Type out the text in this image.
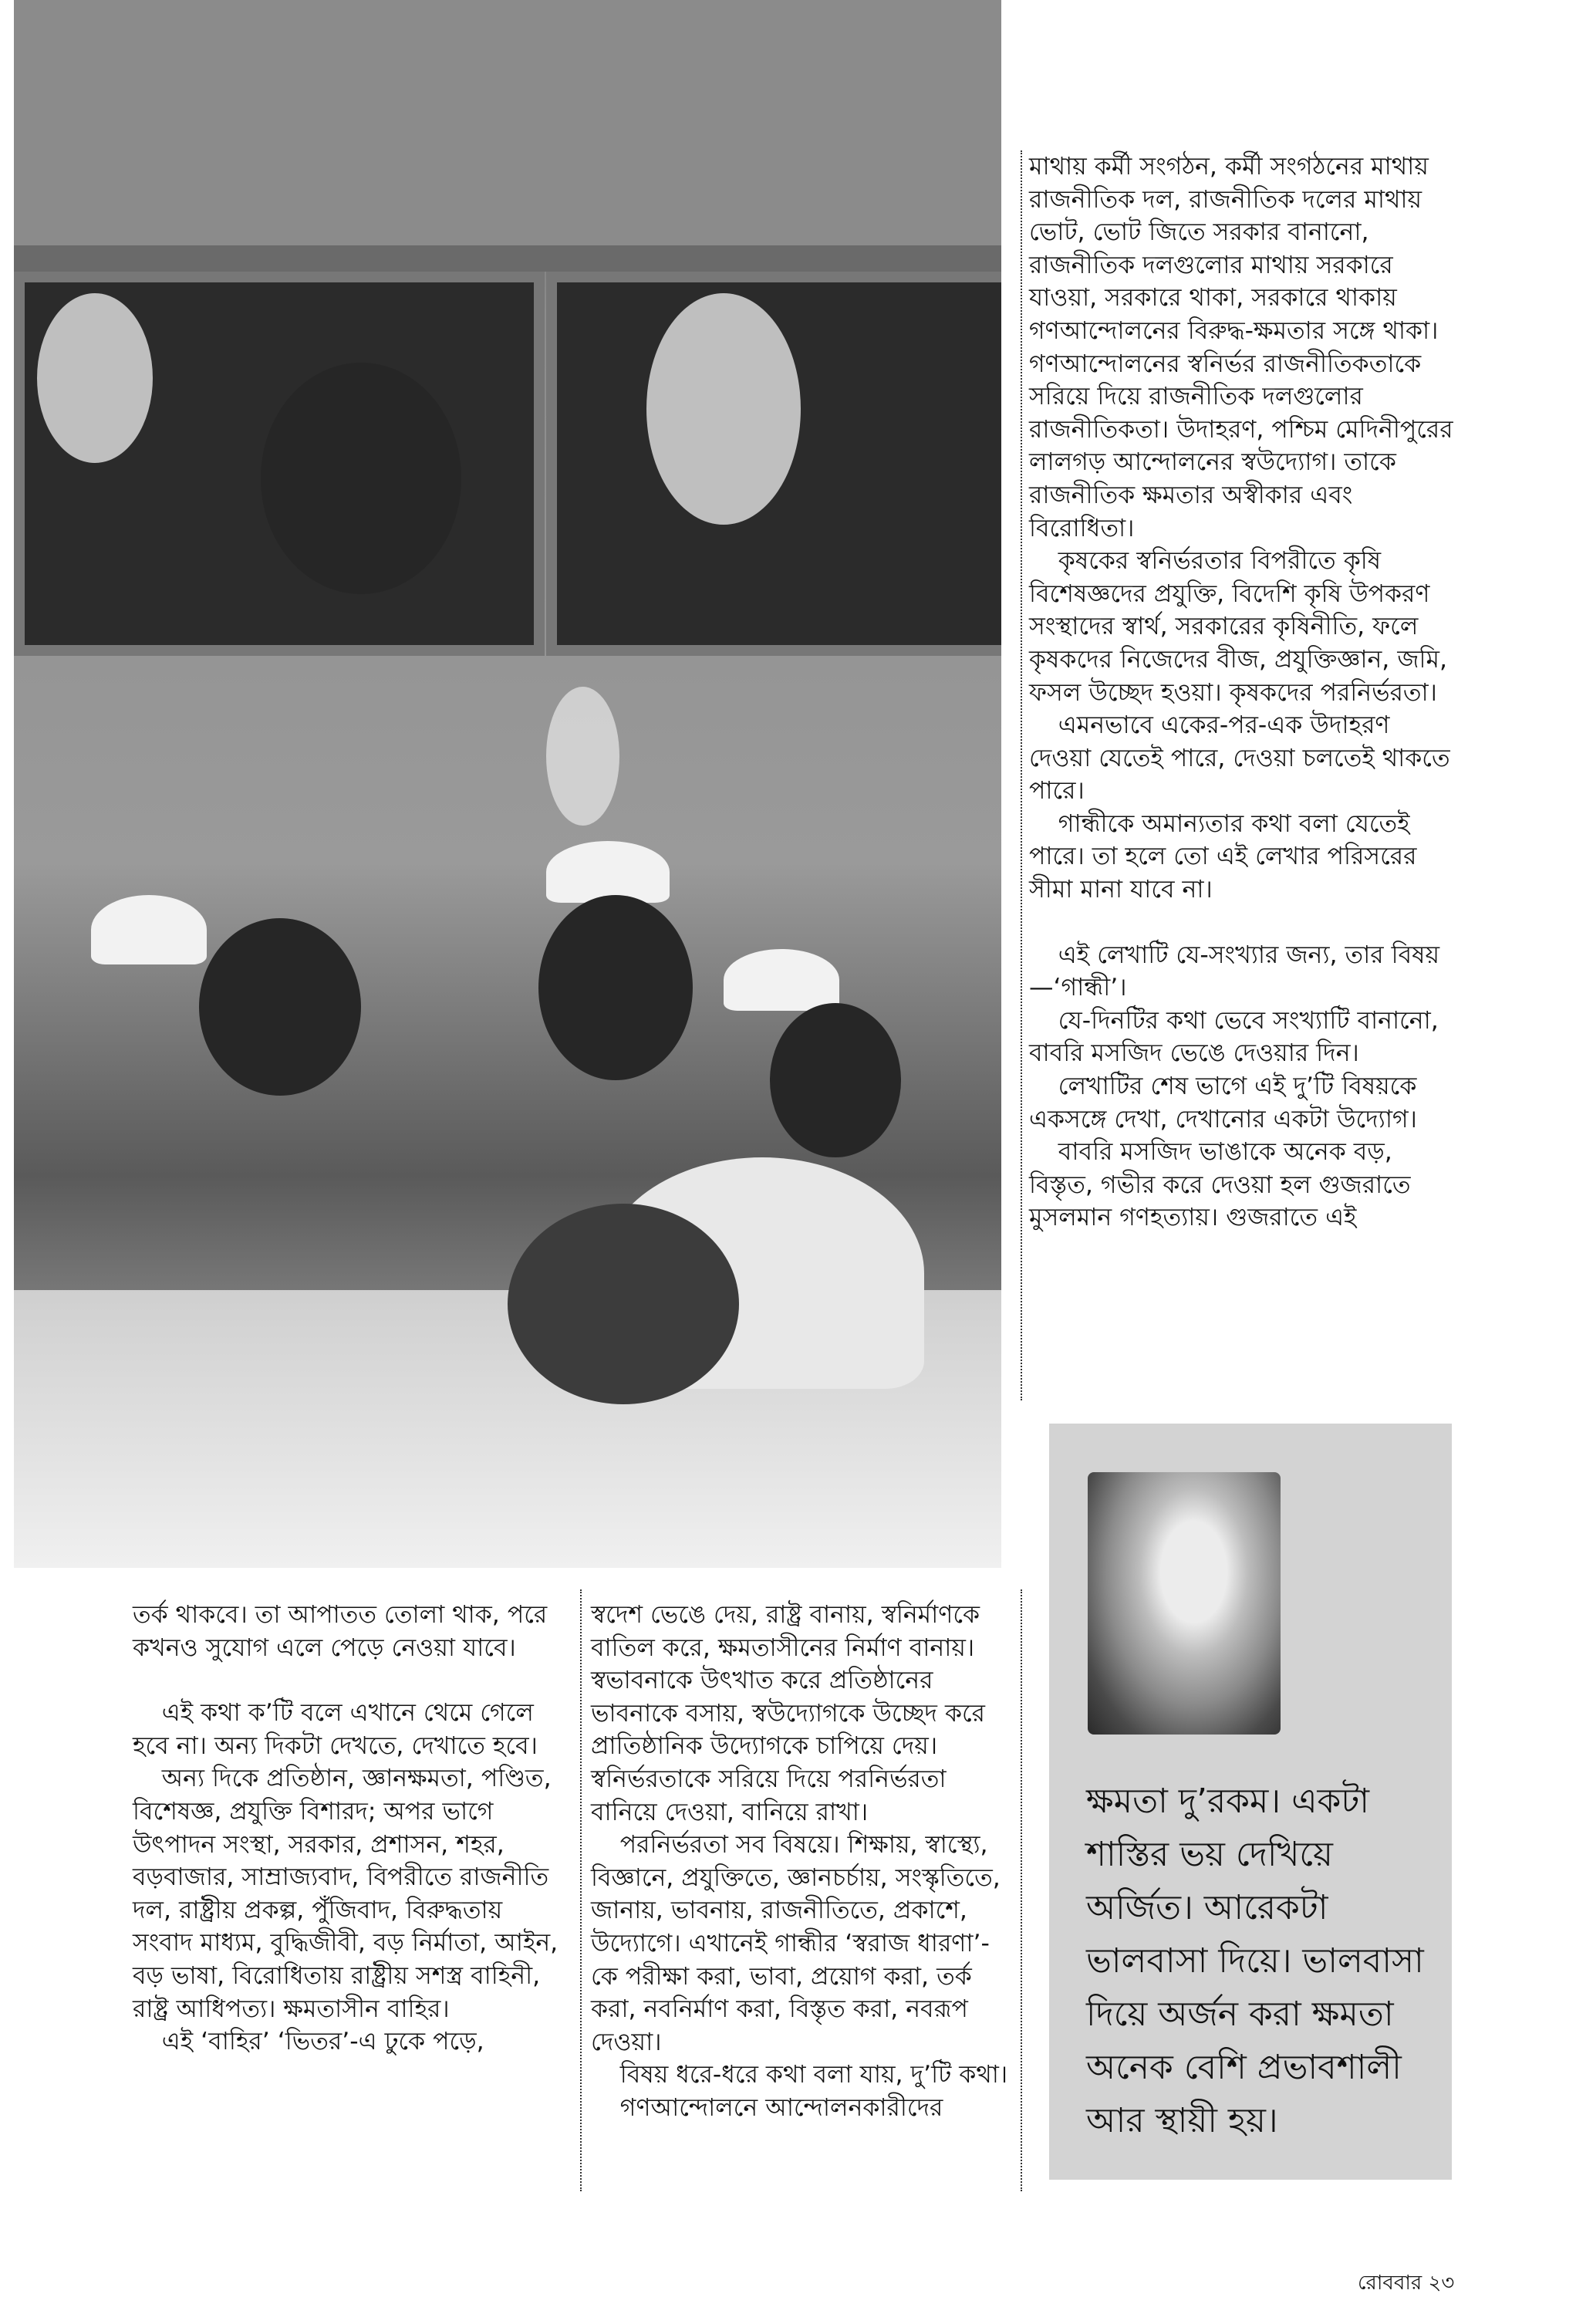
মাথায় কর্মী সংগঠন, কর্মী সংগঠনের মাথায় রাজনীতিক দল, রাজনীতিক দলের মাথায় ভোট, ভোট জিতে সরকার বানানো, রাজনীতিক দলগুলোর মাথায় সরকারে যাওয়া, সরকারে থাকা, সরকারে থাকায় গণআন্দোলনের বিরুদ্ধ-ক্ষমতার সঙ্গে থাকা। গণআন্দোলনের স্বনির্ভর রাজনীতিকতাকে সরিয়ে দিয়ে রাজনীতিক দলগুলোর রাজনীতিকতা। উদাহরণ, পশ্চিম মেদিনীপুরের লালগড় আন্দোলনের স্বউদ্যোগ। তাকে রাজনীতিক ক্ষমতার অস্বীকার এবং বিরোধিতা।

কৃষকের স্বনির্ভরতার বিপরীতে কৃষি বিশেষজ্ঞদের প্রযুক্তি, বিদেশি কৃষি উপকরণ সংস্থাদের স্বার্থ, সরকারের কৃষিনীতি, ফলে কৃষকদের নিজেদের বীজ, প্রযুক্তিজ্ঞান, জমি, ফসল উচ্ছেদ হওয়া। কৃষকদের পরনির্ভরতা।

এমনভাবে একের-পর-এক উদাহরণ দেওয়া যেতেই পারে, দেওয়া চলতেই থাকতে পারে।

গান্ধীকে অমান্যতার কথা বলা যেতেই পারে। তা হলে তো এই লেখার পরিসরের সীমা মানা যাবে না।

এই লেখাটি যে-সংখ্যার জন্য, তার বিষয়—‘গান্ধী’।

যে-দিনটির কথা ভেবে সংখ্যাটি বানানো, বাবরি মসজিদ ভেঙে দেওয়ার দিন।

লেখাটির শেষ ভাগে এই দু’টি বিষয়কে একসঙ্গে দেখা, দেখানোর একটা উদ্যোগ।

বাবরি মসজিদ ভাঙাকে অনেক বড়, বিস্তৃত, গভীর করে দেওয়া হল গুজরাতে মুসলমান গণহত্যায়। গুজরাতে এই

তর্ক থাকবে। তা আপাতত তোলা থাক, পরে কখনও সুযোগ এলে পেড়ে নেওয়া যাবে।

এই কথা ক’টি বলে এখানে থেমে গেলে হবে না। অন্য দিকটা দেখতে, দেখাতে হবে।

অন্য দিকে প্রতিষ্ঠান, জ্ঞানক্ষমতা, পণ্ডিত, বিশেষজ্ঞ, প্রযুক্তি বিশারদ; অপর ভাগে উৎপাদন সংস্থা, সরকার, প্রশাসন, শহর, বড়বাজার, সাম্রাজ্যবাদ, বিপরীতে রাজনীতি দল, রাষ্ট্রীয় প্রকল্প, পুঁজিবাদ, বিরুদ্ধতায় সংবাদ মাধ্যম, বুদ্ধিজীবী, বড় নির্মাতা, আইন, বড় ভাষা, বিরোধিতায় রাষ্ট্রীয় সশস্ত্র বাহিনী, রাষ্ট্র আধিপত্য। ক্ষমতাসীন বাহির।

এই ‘বাহির’ ‘ভিতর’-এ ঢুকে পড়ে,

স্বদেশ ভেঙে দেয়, রাষ্ট্র বানায়, স্বনির্মাণকে বাতিল করে, ক্ষমতাসীনের নির্মাণ বানায়। স্বভাবনাকে উৎখাত করে প্রতিষ্ঠানের ভাবনাকে বসায়, স্বউদ্যোগকে উচ্ছেদ করে প্রাতিষ্ঠানিক উদ্যোগকে চাপিয়ে দেয়। স্বনির্ভরতাকে সরিয়ে দিয়ে পরনির্ভরতা বানিয়ে দেওয়া, বানিয়ে রাখা।

পরনির্ভরতা সব বিষয়ে। শিক্ষায়, স্বাস্থ্যে, বিজ্ঞানে, প্রযুক্তিতে, জ্ঞানচর্চায়, সংস্কৃতিতে, জানায়, ভাবনায়, রাজনীতিতে, প্রকাশে, উদ্যোগে। এখানেই গান্ধীর ‘স্বরাজ ধারণা’-কে পরীক্ষা করা, ভাবা, প্রয়োগ করা, তর্ক করা, নবনির্মাণ করা, বিস্তৃত করা, নবরূপ দেওয়া।

বিষয় ধরে-ধরে কথা বলা যায়, দু’টি কথা।

গণআন্দোলনে আন্দোলনকারীদের

ক্ষমতা দু’রকম। একটা শাস্তির ভয় দেখিয়ে অর্জিত। আরেকটা ভালবাসা দিয়ে। ভালবাসা দিয়ে অর্জন করা ক্ষমতা অনেক বেশি প্রভাবশালী আর স্থায়ী হয়।

রোববার ২৩
